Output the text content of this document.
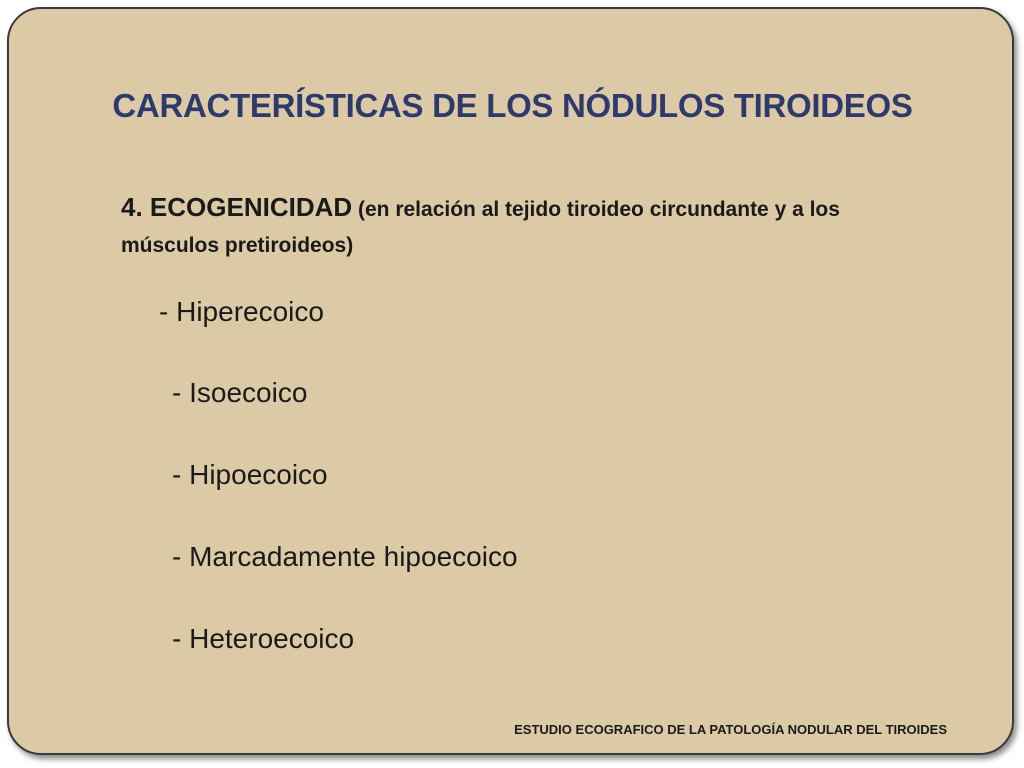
CARACTERÍSTICAS DE LOS NÓDULOS TIROIDEOS
4. ECOGENICIDAD (en relación al tejido tiroideo circundante y a los músculos pretiroideos)
- Hiperecoico
- Isoecoico
- Hipoecoico
- Marcadamente hipoecoico
- Heteroecoico
ESTUDIO ECOGRAFICO DE LA PATOLOGÍA NODULAR DEL TIROIDES
